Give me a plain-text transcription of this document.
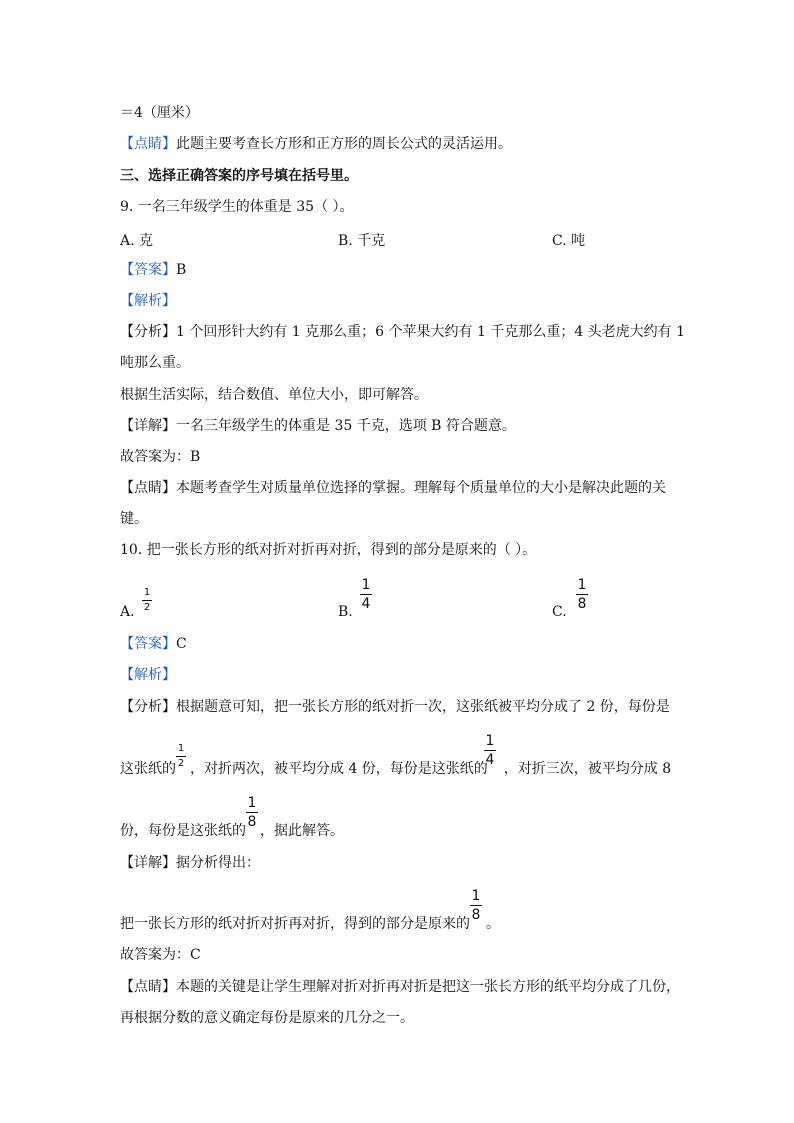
＝4（厘米）
【点睛】此题主要考查长方形和正方形的周长公式的灵活运用。
三、选择正确答案的序号填在括号里。
9. 一名三年级学生的体重是 35（ ）。
A. 克	B. 千克	C. 吨
【答案】B
【解析】
【分析】1 个回形针大约有 1 克那么重；6 个苹果大约有 1 千克那么重；4 头老虎大约有 1
吨那么重。
根据生活实际，结合数值、单位大小，即可解答。
【详解】一名三年级学生的体重是 35 千克，选项 B 符合题意。
故答案为：B
【点睛】本题考查学生对质量单位选择的掌握。理解每个质量单位的大小是解决此题的关
键。
10. 把一张长方形的纸对折对折再对折，得到的部分是原来的（ ）。
A.
1
2	B.
1
4	C.
1
8
【答案】C
【解析】
【分析】根据题意可知，把一张长方形的纸对折一次，这张纸被平均分成了 2 份，每份是
这张纸的 ，对折两次，被平均分成 4 份，每份是这张纸的 ，对折三次，被平均分成 8
1
2
1
4
份，每份是这张纸的 ，据此解答。
1
8
【详解】据分析得出：
把一张长方形的纸对折对折再对折，得到的部分是原来的 。
1
8
故答案为：C
【点睛】本题的关键是让学生理解对折对折再对折是把这一张长方形的纸平均分成了几份，
再根据分数的意义确定每份是原来的几分之一。
